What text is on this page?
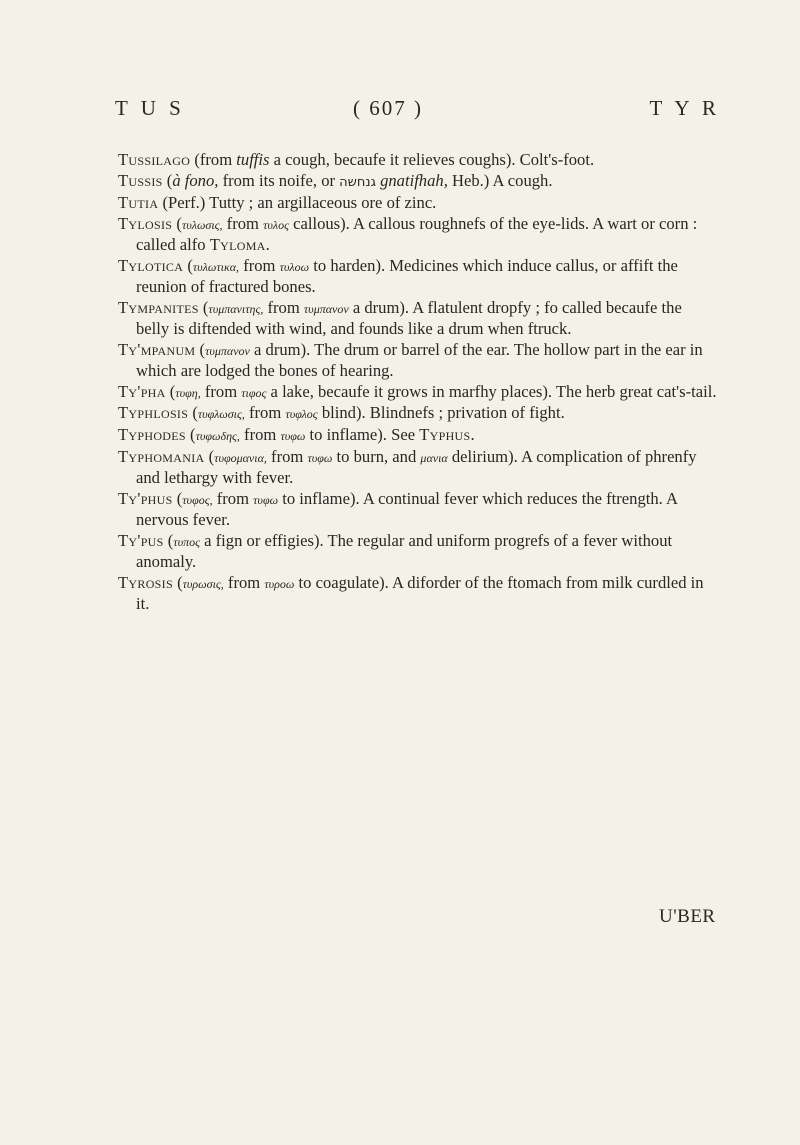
T U S	( 607 )	T Y R

Tussilago (from tuffis a cough, becaufe it relieves coughs). Colt's-foot.

Tussis (à fono, from its noife, or גנחשה gnatifhah, Heb.) A cough.

Tutia (Perf.) Tutty ; an argillaceous ore of zinc.

Tylosis (τυλωσις, from τυλος callous). A callous roughnefs of the eye-lids. A wart or corn : called alfo Tyloma.

Tylotica (τυλωτικα, from τυλοω to harden). Medicines which induce callus, or affift the reunion of fractured bones.

Tympanites (τυμπανιτης, from τυμπανον a drum). A flatulent dropfy ; fo called becaufe the belly is diftended with wind, and founds like a drum when ftruck.

Ty'mpanum (τυμπανον a drum). The drum or barrel of the ear. The hollow part in the ear in which are lodged the bones of hearing.

Ty'pha (τυφη, from τιφος a lake, becaufe it grows in marfhy places). The herb great cat's-tail.

Typhlosis (τυφλωσις, from τυφλος blind). Blindnefs ; privation of fight.

Typhodes (τυφωδης, from τυφω to inflame). See Typhus.

Typhomania (τυφομανια, from τυφω to burn, and μανια delirium). A complication of phrenfy and lethargy with fever.

Ty'phus (τυφος, from τυφω to inflame). A continual fever which reduces the ftrength. A nervous fever.

Ty'pus (τυπος a fign or effigies). The regular and uniform progrefs of a fever without anomaly.

Tyrosis (τυρωσις, from τυροω to coagulate). A diforder of the ftomach from milk curdled in it.

U'BER
